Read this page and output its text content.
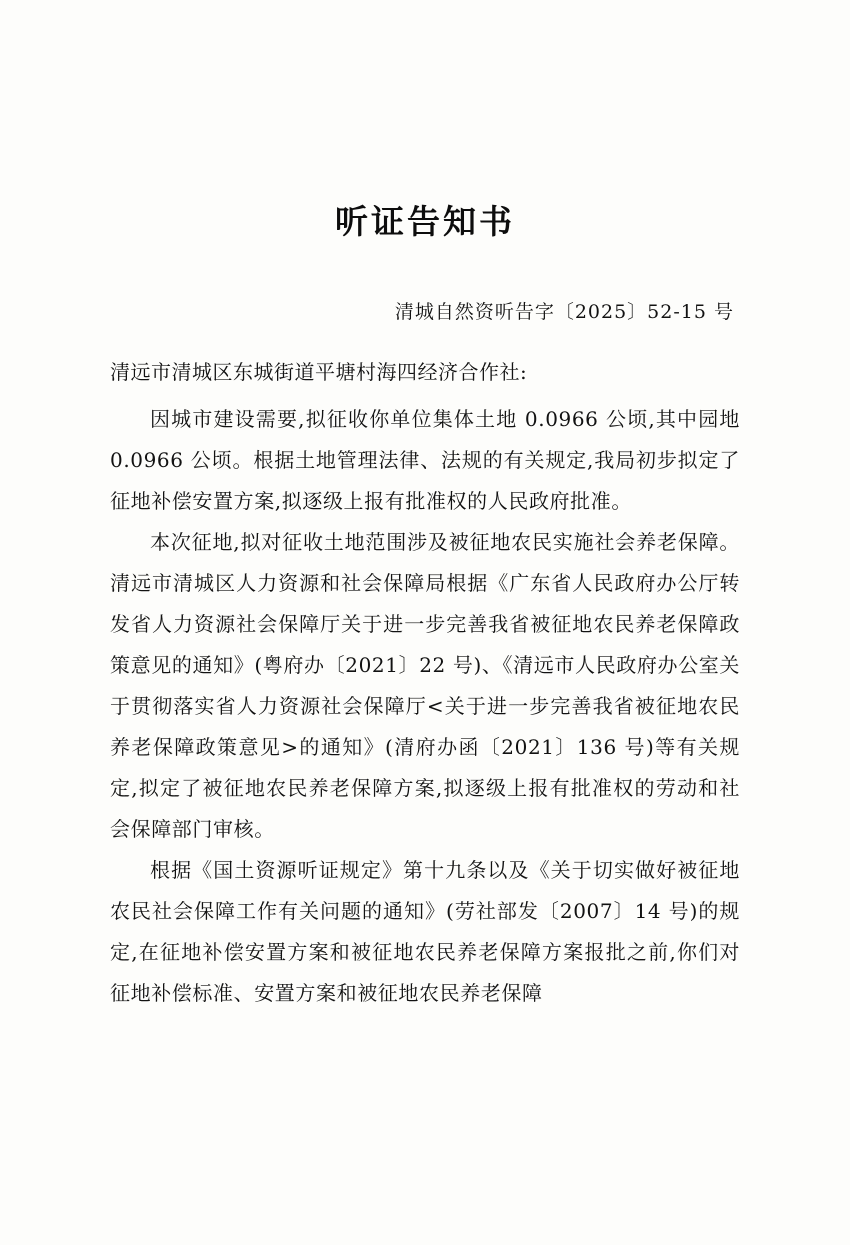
听证告知书
清城自然资听告字〔2025〕52-15 号
清远市清城区东城街道平塘村海四经济合作社:

因城市建设需要,拟征收你单位集体土地 0.0966 公顷,其中园地 0.0966 公顷。根据土地管理法律、法规的有关规定,我局初步拟定了征地补偿安置方案,拟逐级上报有批准权的人民政府批准。

本次征地,拟对征收土地范围涉及被征地农民实施社会养老保障。清远市清城区人力资源和社会保障局根据《广东省人民政府办公厅转发省人力资源社会保障厅关于进一步完善我省被征地农民养老保障政策意见的通知》(粤府办〔2021〕22 号)、《清远市人民政府办公室关于贯彻落实省人力资源社会保障厅<关于进一步完善我省被征地农民养老保障政策意见>的通知》(清府办函〔2021〕136 号)等有关规定,拟定了被征地农民养老保障方案,拟逐级上报有批准权的劳动和社会保障部门审核。

根据《国土资源听证规定》第十九条以及《关于切实做好被征地农民社会保障工作有关问题的通知》(劳社部发〔2007〕14 号)的规定,在征地补偿安置方案和被征地农民养老保障方案报批之前,你们对征地补偿标准、安置方案和被征地农民养老保障
